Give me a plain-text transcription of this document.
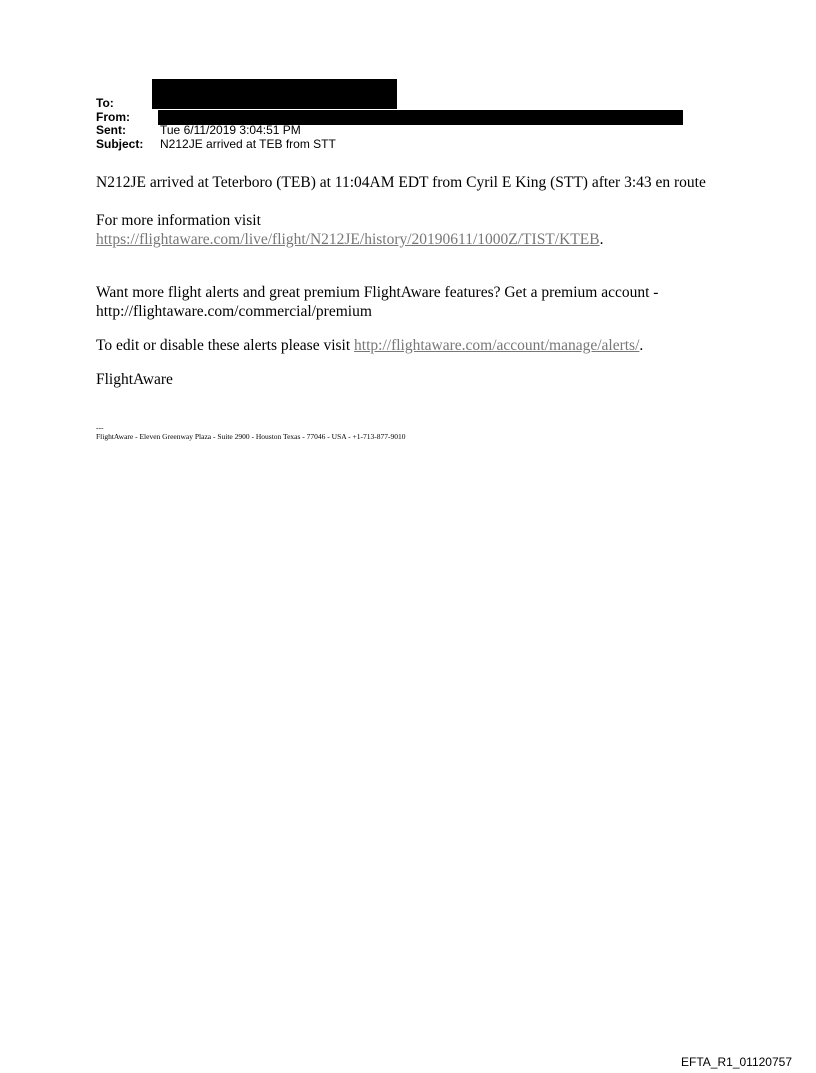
To:
From:
Sent:	Tue 6/11/2019 3:04:51 PM
Subject: N212JE arrived at TEB from STT

N212JE arrived at Teterboro (TEB) at 11:04AM EDT from Cyril E King (STT) after 3:43 en route

For more information visit
https://flightaware.com/live/flight/N212JE/history/20190611/1000Z/TIST/KTEB.

Want more flight alerts and great premium FlightAware features? Get a premium account - http://flightaware.com/commercial/premium

To edit or disable these alerts please visit http://flightaware.com/account/manage/alerts/.

FlightAware

---
FlightAware - Eleven Greenway Plaza - Suite 2900 - Houston Texas - 77046 - USA - +1-713-877-9010
EFTA_R1_01120757
